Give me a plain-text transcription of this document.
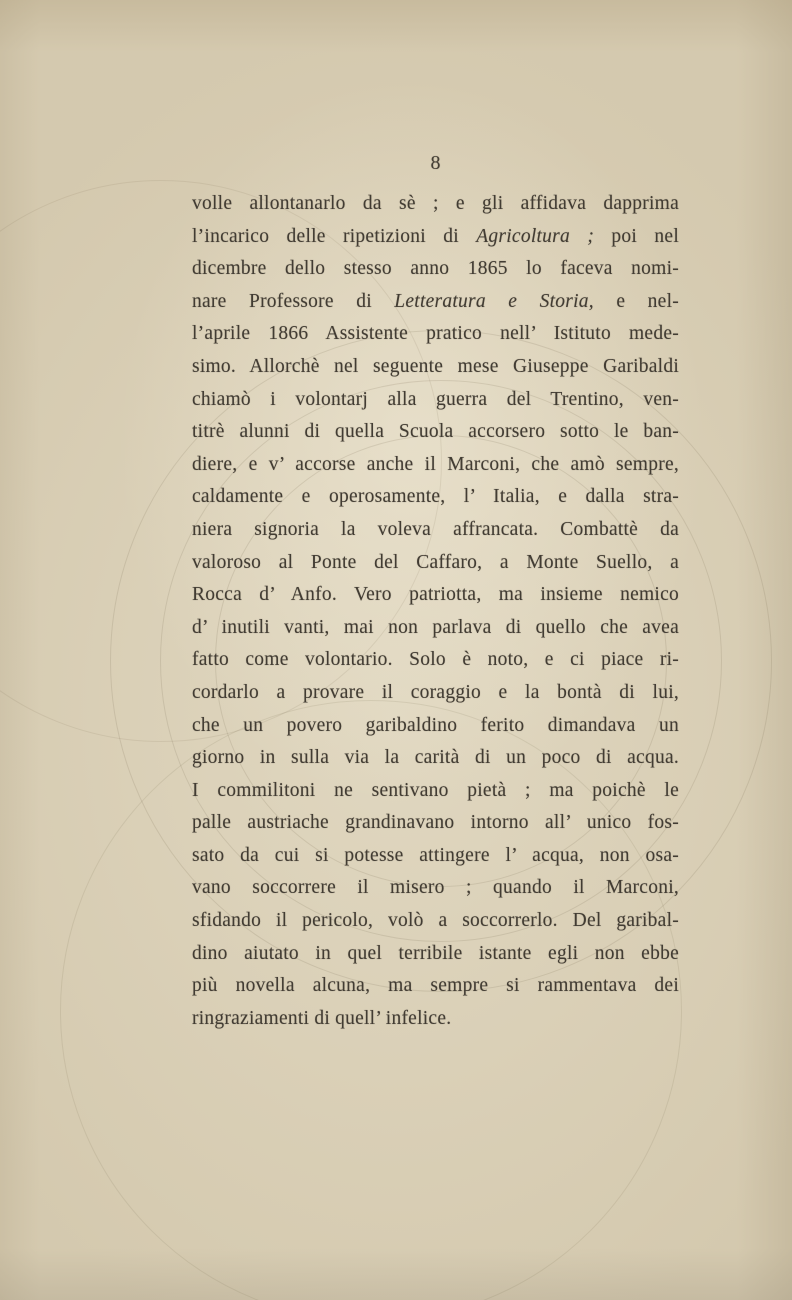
8
volle allontanarlo da sè ; e gli affidava dapprima
l’incarico delle ripetizioni di Agricoltura ; poi nel
dicembre dello stesso anno 1865 lo faceva nomi-
nare Professore di Letteratura e Storia, e nel-
l’aprile 1866 Assistente pratico nell’ Istituto mede-
simo. Allorchè nel seguente mese Giuseppe Garibaldi
chiamò i volontarj alla guerra del Trentino, ven-
titrè alunni di quella Scuola accorsero sotto le ban-
diere, e v’ accorse anche il Marconi, che amò sempre,
caldamente e operosamente, l’ Italia, e dalla stra-
niera signoria la voleva affrancata. Combattè da
valoroso al Ponte del Caffaro, a Monte Suello, a
Rocca d’ Anfo. Vero patriotta, ma insieme nemico
d’ inutili vanti, mai non parlava di quello che avea
fatto come volontario. Solo è noto, e ci piace ri-
cordarlo a provare il coraggio e la bontà di lui,
che un povero garibaldino ferito dimandava un
giorno in sulla via la carità di un poco di acqua.
I commilitoni ne sentivano pietà ; ma poichè le
palle austriache grandinavano intorno all’ unico fos-
sato da cui si potesse attingere l’ acqua, non osa-
vano soccorrere il misero ; quando il Marconi,
sfidando il pericolo, volò a soccorrerlo. Del garibal-
dino aiutato in quel terribile istante egli non ebbe
più novella alcuna, ma sempre si rammentava dei
ringraziamenti di quell’ infelice.
